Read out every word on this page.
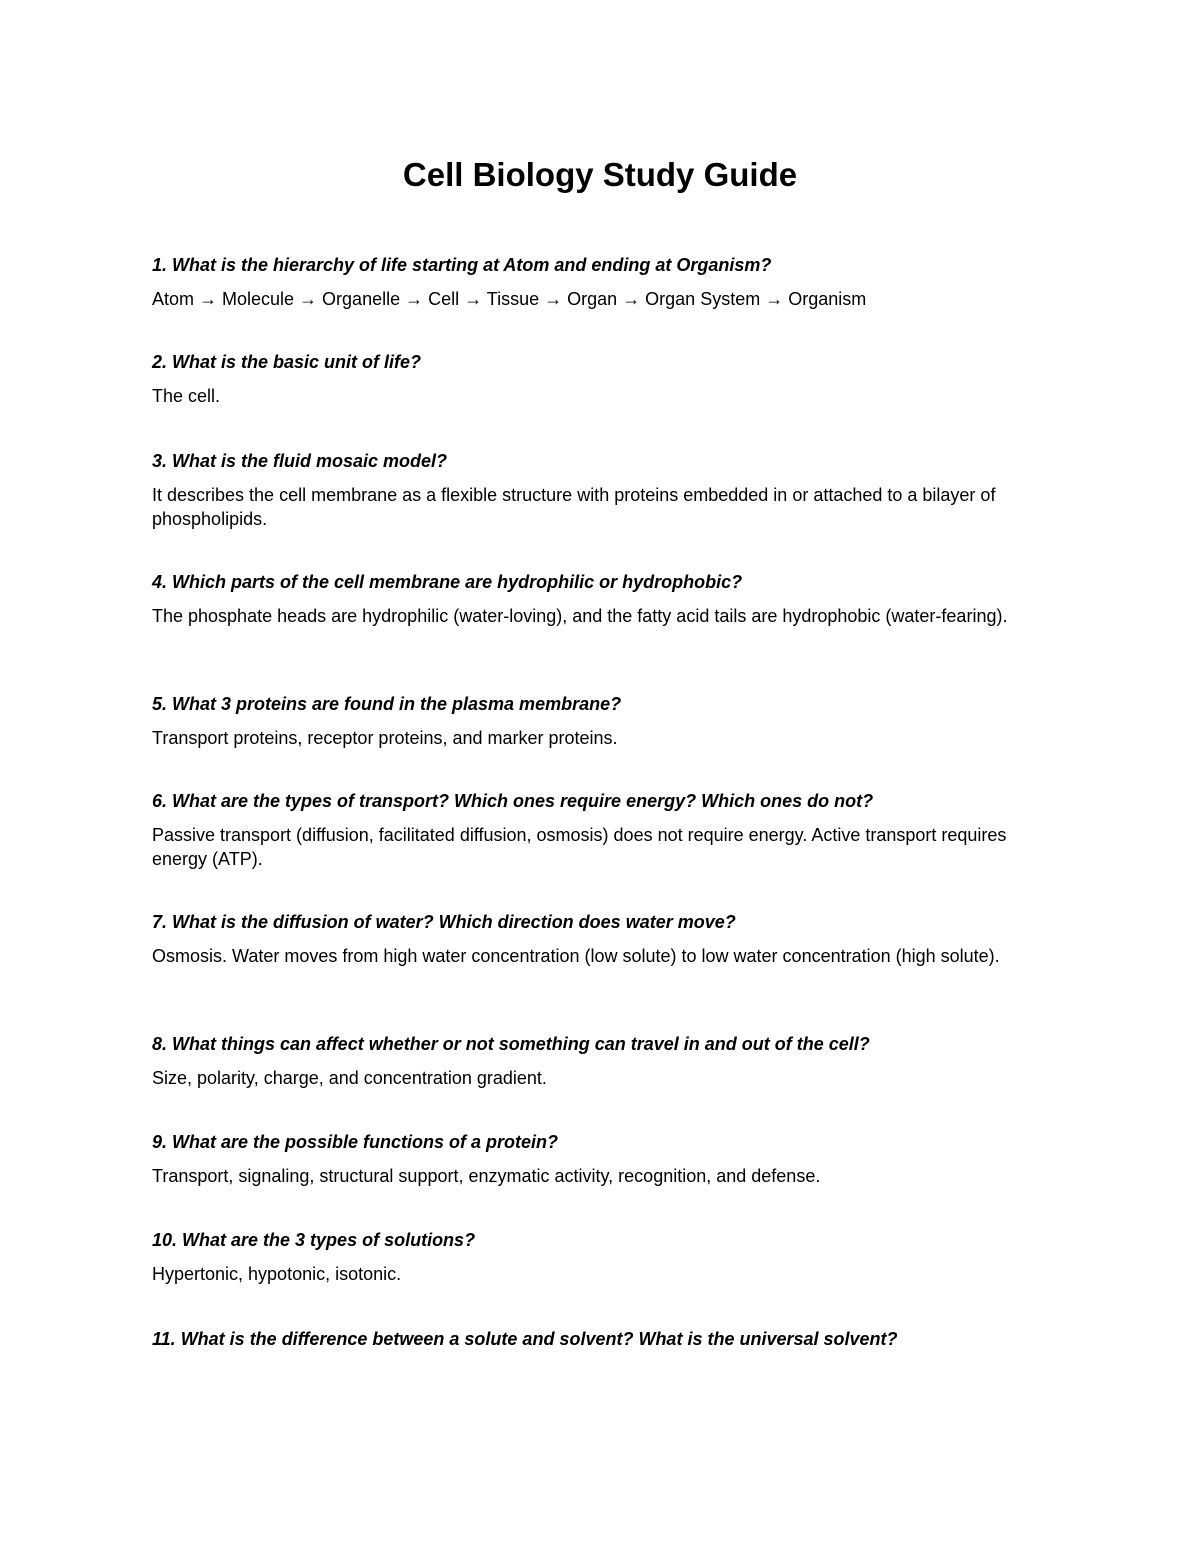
Cell Biology Study Guide

1. What is the hierarchy of life starting at Atom and ending at Organism?

Atom → Molecule → Organelle → Cell → Tissue → Organ → Organ System → Organism

2. What is the basic unit of life?

The cell.

3. What is the fluid mosaic model?

It describes the cell membrane as a flexible structure with proteins embedded in or attached to a bilayer of phospholipids.

4. Which parts of the cell membrane are hydrophilic or hydrophobic?

The phosphate heads are hydrophilic (water-loving), and the fatty acid tails are hydrophobic (water-fearing).

5. What 3 proteins are found in the plasma membrane?

Transport proteins, receptor proteins, and marker proteins.

6. What are the types of transport? Which ones require energy? Which ones do not?

Passive transport (diffusion, facilitated diffusion, osmosis) does not require energy. Active transport requires energy (ATP).

7. What is the diffusion of water? Which direction does water move?

Osmosis. Water moves from high water concentration (low solute) to low water concentration (high solute).

8. What things can affect whether or not something can travel in and out of the cell?

Size, polarity, charge, and concentration gradient.

9. What are the possible functions of a protein?

Transport, signaling, structural support, enzymatic activity, recognition, and defense.

10. What are the 3 types of solutions?

Hypertonic, hypotonic, isotonic.

11. What is the difference between a solute and solvent? What is the universal solvent?
